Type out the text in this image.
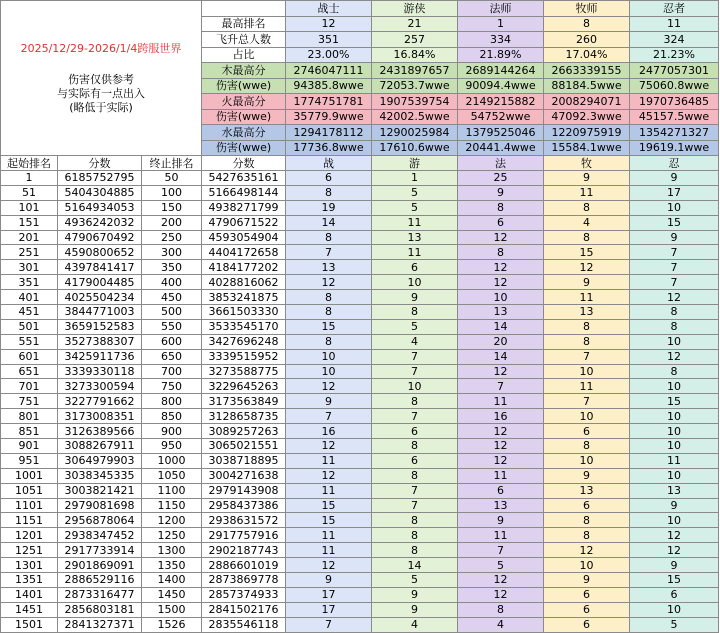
2025/12/29-2026/1/4跨服世界
伤害仅供参考
与实际有一点出入
(略低于实际)				战士	游侠	法师	牧师	忍者
			最高排名	12	21	1	8	11
			飞升总人数	351	257	334	260	324
			占比	23.00%	16.84%	21.89%	17.04%	21.23%
			木最高分	2746047111	2431897657	2689144264	2663339155	2477057301
			伤害(wwe)	94385.8wwe	72053.7wwe	90094.4wwe	88184.5wwe	75060.8wwe
			火最高分	1774751781	1907539754	2149215882	2008294071	1970736485
			伤害(wwe)	35779.9wwe	42002.5wwe	54752wwe	47092.3wwe	45157.5wwe
			水最高分	1294178112	1290025984	1379525046	1220975919	1354271327
			伤害(wwe)	17736.8wwe	17610.6wwe	20441.4wwe	15584.1wwe	19619.1wwe
起始排名	分数	终止排名	分数	战	游	法	牧	忍
1	6185752795	50	5427635161	6	1	25	9	9
51	5404304885	100	5166498144	8	5	9	11	17
101	5164934053	150	4938271799	19	5	8	8	10
151	4936242032	200	4790671522	14	11	6	4	15
201	4790670492	250	4593054904	8	13	12	8	9
251	4590800652	300	4404172658	7	11	8	15	7
301	4397841417	350	4184177202	13	6	12	12	7
351	4179004485	400	4028816062	12	10	12	9	7
401	4025504234	450	3853241875	8	9	10	11	12
451	3844771003	500	3661503330	8	8	13	13	8
501	3659152583	550	3533545170	15	5	14	8	8
551	3527388307	600	3427696248	8	4	20	8	10
601	3425911736	650	3339515952	10	7	14	7	12
651	3339330118	700	3273588775	10	7	12	10	8
701	3273300594	750	3229645263	12	10	7	11	10
751	3227791662	800	3173563849	9	8	11	7	15
801	3173008351	850	3128658735	7	7	16	10	10
851	3126389566	900	3089257263	16	6	12	6	10
901	3088267911	950	3065021551	12	8	12	8	10
951	3064979903	1000	3038718895	11	6	12	10	11
1001	3038345335	1050	3004271638	12	8	11	9	10
1051	3003821421	1100	2979143908	11	7	6	13	13
1101	2979081698	1150	2958437386	15	7	13	6	9
1151	2956878064	1200	2938631572	15	8	9	8	10
1201	2938347452	1250	2917757916	11	8	11	8	12
1251	2917733914	1300	2902187743	11	8	7	12	12
1301	2901869091	1350	2886601019	12	14	5	10	9
1351	2886529116	1400	2873869778	9	5	12	9	15
1401	2873316477	1450	2857374933	17	9	12	6	6
1451	2856803181	1500	2841502176	17	9	8	6	10
1501	2841327371	1526	2835546118	7	4	4	6	5
